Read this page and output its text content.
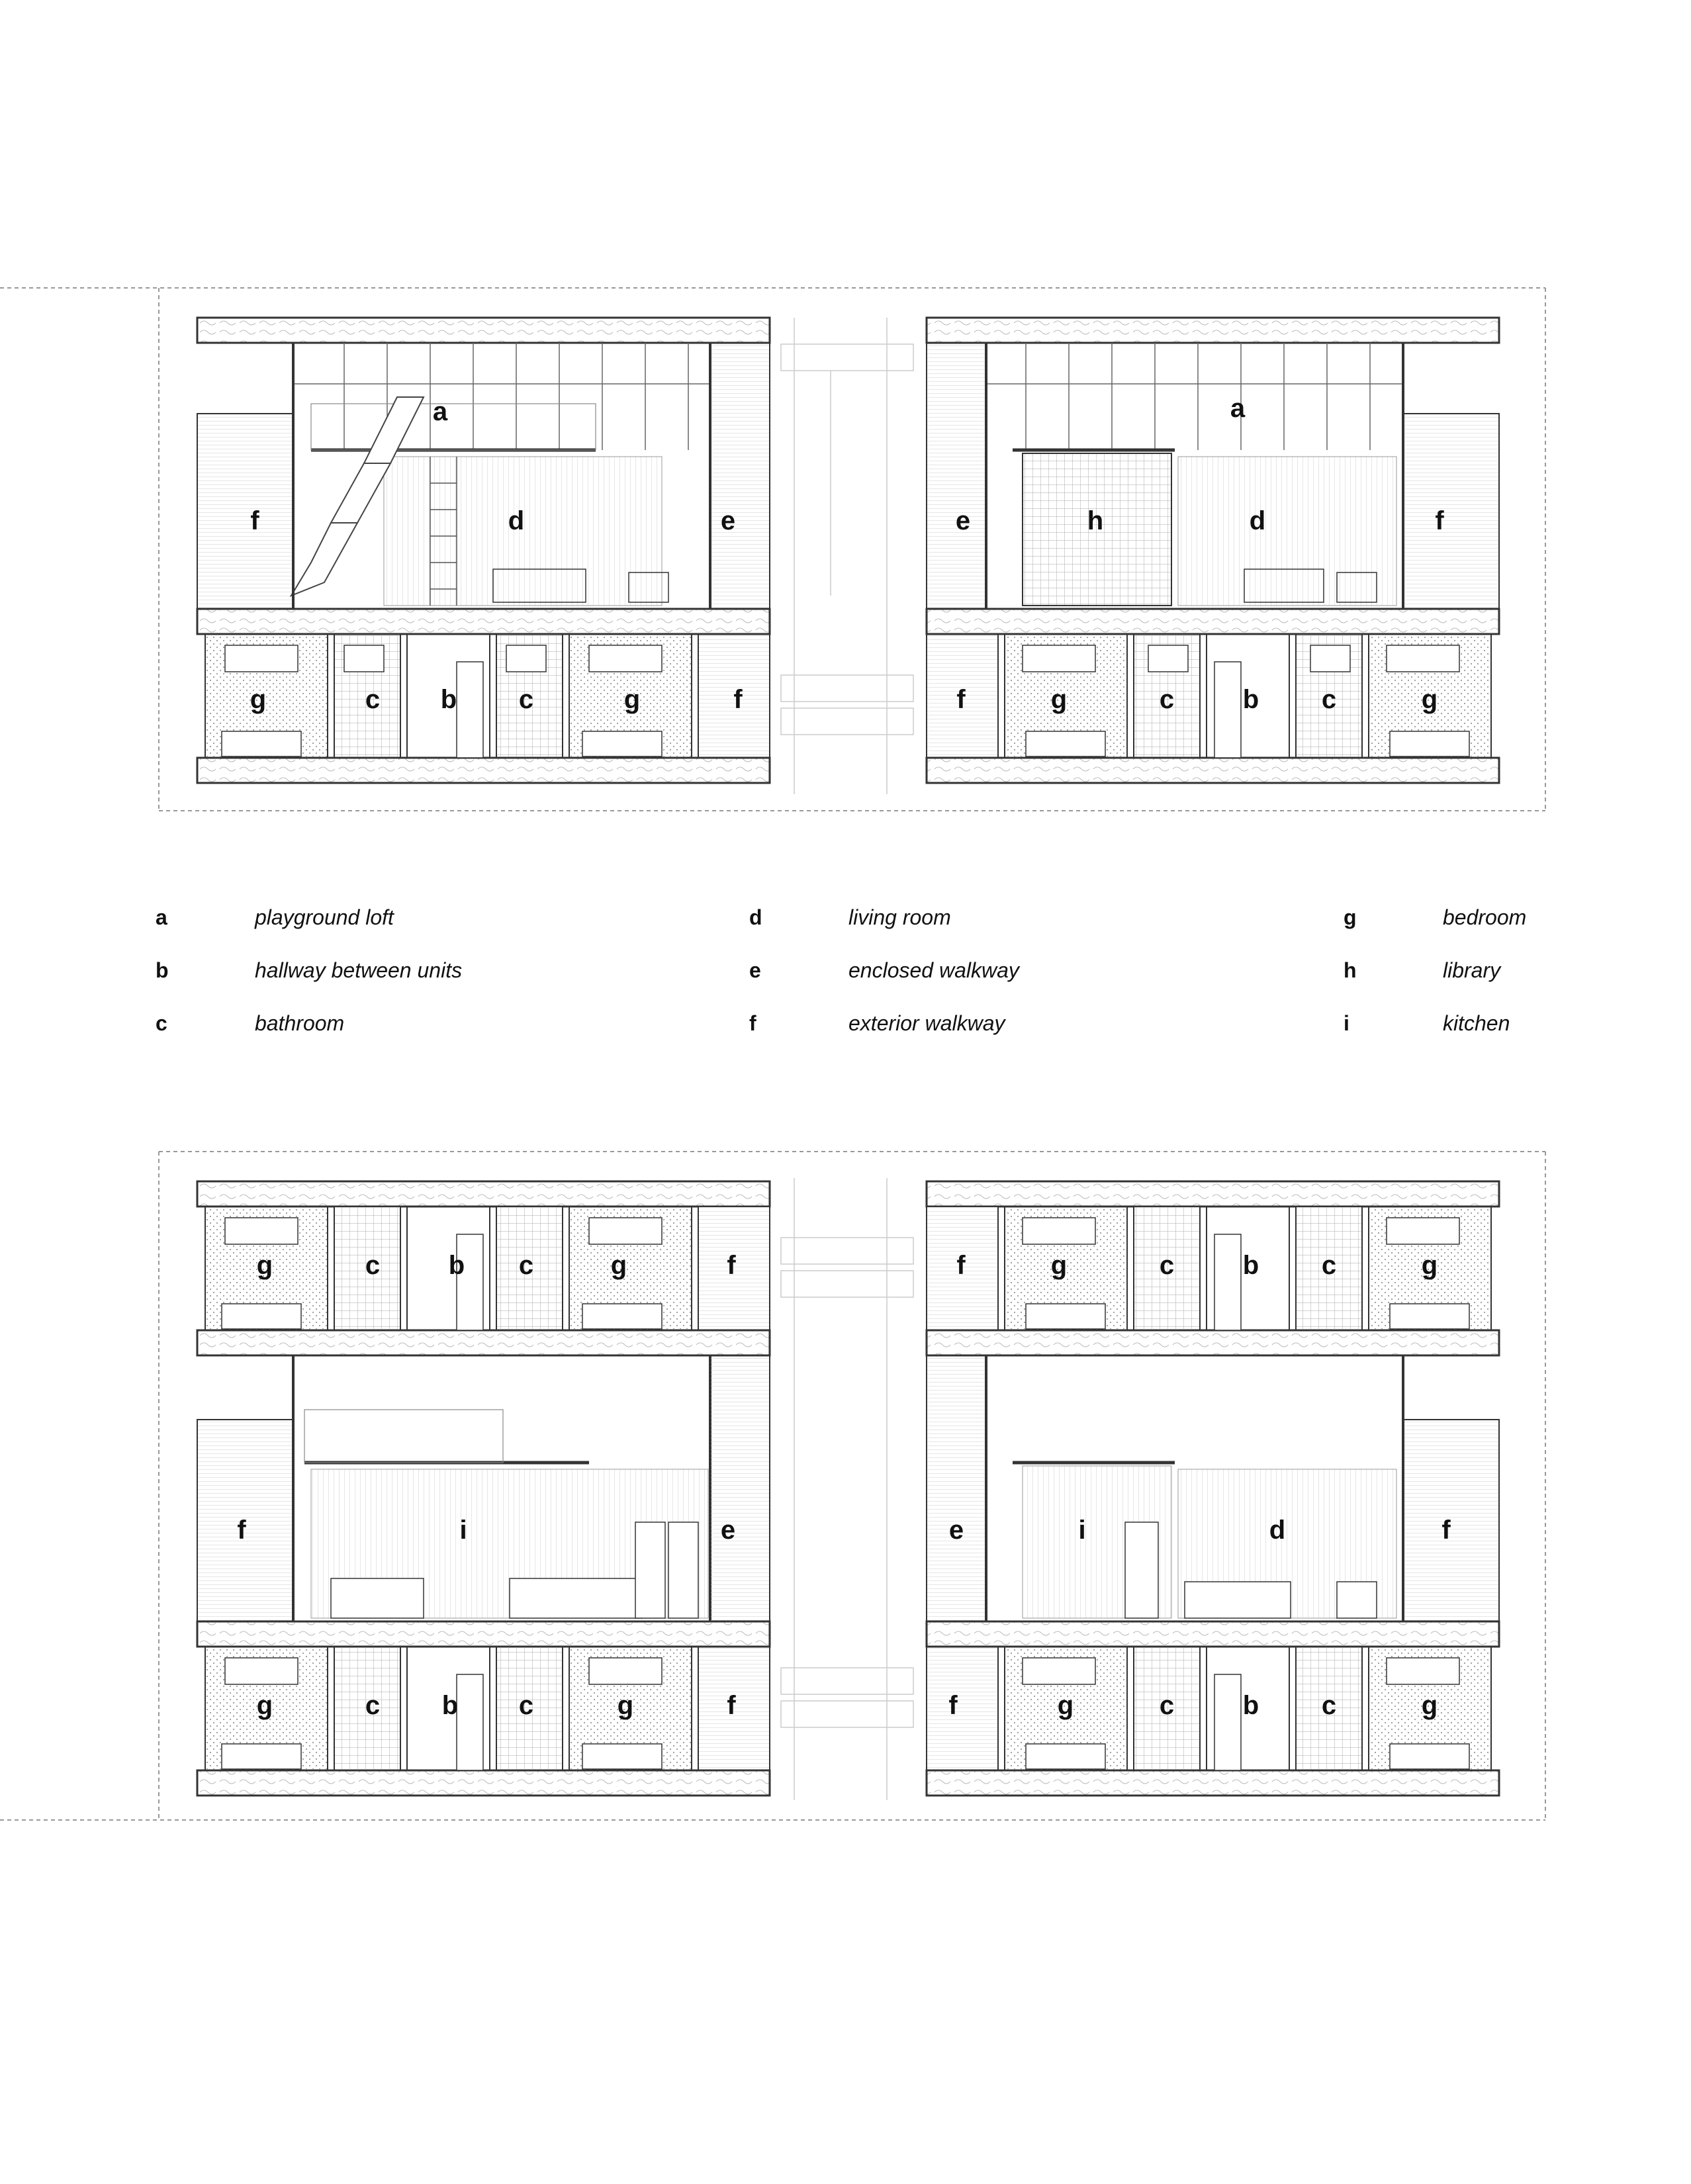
a
f	d	e
a
e	h	d	f
g	c b c	g	f	f	g	c	b c	g
g	c	b c	g	f	f	g	c	b c	g
f	i	e	e	i	d	f
g	c b c	g	f	f	g	c	b c	g
a	playground loft
b	hallway between units
c	bathroom
d	living room
e	enclosed walkway
f	exterior walkway
g	bedroom
h	library
i	kitchen
